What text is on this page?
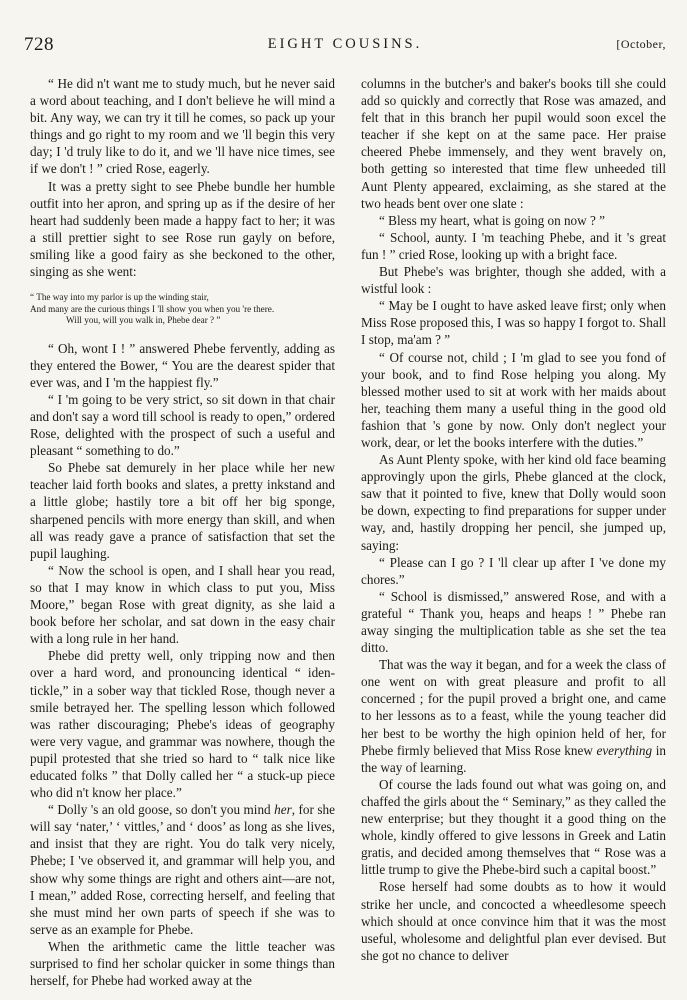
728	EIGHT COUSINS.	[October,

“ He did n't want me to study much, but he never said a word about teaching, and I don't believe he will mind a bit. Any way, we can try it till he comes, so pack up your things and go right to my room and we 'll begin this very day; I 'd truly like to do it, and we 'll have nice times, see if we don't ! ” cried Rose, eagerly.

It was a pretty sight to see Phebe bundle her humble outfit into her apron, and spring up as if the desire of her heart had suddenly been made a happy fact to her; it was a still prettier sight to see Rose run gayly on before, smiling like a good fairy as she beckoned to the other, singing as she went:

“ The way into my parlor is up the winding stair,
And many are the curious things I 'll show you when you 're there.
Will you, will you walk in, Phebe dear ? ”

“ Oh, wont I ! ” answered Phebe fervently, adding as they entered the Bower, “ You are the dearest spider that ever was, and I 'm the happiest fly.”

“ I 'm going to be very strict, so sit down in that chair and don't say a word till school is ready to open,” ordered Rose, delighted with the prospect of such a useful and pleasant “ something to do.”

So Phebe sat demurely in her place while her new teacher laid forth books and slates, a pretty inkstand and a little globe; hastily tore a bit off her big sponge, sharpened pencils with more energy than skill, and when all was ready gave a prance of satisfaction that set the pupil laughing.

“ Now the school is open, and I shall hear you read, so that I may know in which class to put you, Miss Moore,” began Rose with great dignity, as she laid a book before her scholar, and sat down in the easy chair with a long rule in her hand.

Phebe did pretty well, only tripping now and then over a hard word, and pronouncing identical “ iden-tickle,” in a sober way that tickled Rose, though never a smile betrayed her. The spelling lesson which followed was rather discouraging; Phebe's ideas of geography were very vague, and grammar was nowhere, though the pupil protested that she tried so hard to “ talk nice like educated folks ” that Dolly called her “ a stuck-up piece who did n't know her place.”

“ Dolly 's an old goose, so don't you mind her, for she will say ‘nater,’ ‘ vittles,’ and ‘ doos’ as long as she lives, and insist that they are right. You do talk very nicely, Phebe; I 've observed it, and grammar will help you, and show why some things are right and others aint—are not, I mean,” added Rose, correcting herself, and feeling that she must mind her own parts of speech if she was to serve as an example for Phebe.

When the arithmetic came the little teacher was surprised to find her scholar quicker in some things than herself, for Phebe had worked away at the

columns in the butcher's and baker's books till she could add so quickly and correctly that Rose was amazed, and felt that in this branch her pupil would soon excel the teacher if she kept on at the same pace. Her praise cheered Phebe immensely, and they went bravely on, both getting so interested that time flew unheeded till Aunt Plenty appeared, exclaiming, as she stared at the two heads bent over one slate :

“ Bless my heart, what is going on now ? ”

“ School, aunty. I 'm teaching Phebe, and it 's great fun ! ” cried Rose, looking up with a bright face.

But Phebe's was brighter, though she added, with a wistful look :

“ May be I ought to have asked leave first; only when Miss Rose proposed this, I was so happy I forgot to. Shall I stop, ma'am ? ”

“ Of course not, child ; I 'm glad to see you fond of your book, and to find Rose helping you along. My blessed mother used to sit at work with her maids about her, teaching them many a useful thing in the good old fashion that 's gone by now. Only don't neglect your work, dear, or let the books interfere with the duties.”

As Aunt Plenty spoke, with her kind old face beaming approvingly upon the girls, Phebe glanced at the clock, saw that it pointed to five, knew that Dolly would soon be down, expecting to find preparations for supper under way, and, hastily dropping her pencil, she jumped up, saying:

“ Please can I go ? I 'll clear up after I 've done my chores.”

“ School is dismissed,” answered Rose, and with a grateful “ Thank you, heaps and heaps ! ” Phebe ran away singing the multiplication table as she set the tea ditto.

That was the way it began, and for a week the class of one went on with great pleasure and profit to all concerned ; for the pupil proved a bright one, and came to her lessons as to a feast, while the young teacher did her best to be worthy the high opinion held of her, for Phebe firmly believed that Miss Rose knew everything in the way of learning.

Of course the lads found out what was going on, and chaffed the girls about the “ Seminary,” as they called the new enterprise; but they thought it a good thing on the whole, kindly offered to give lessons in Greek and Latin gratis, and decided among themselves that “ Rose was a little trump to give the Phebe-bird such a capital boost.”

Rose herself had some doubts as to how it would strike her uncle, and concocted a wheedlesome speech which should at once convince him that it was the most useful, wholesome and delightful plan ever devised. But she got no chance to deliver
